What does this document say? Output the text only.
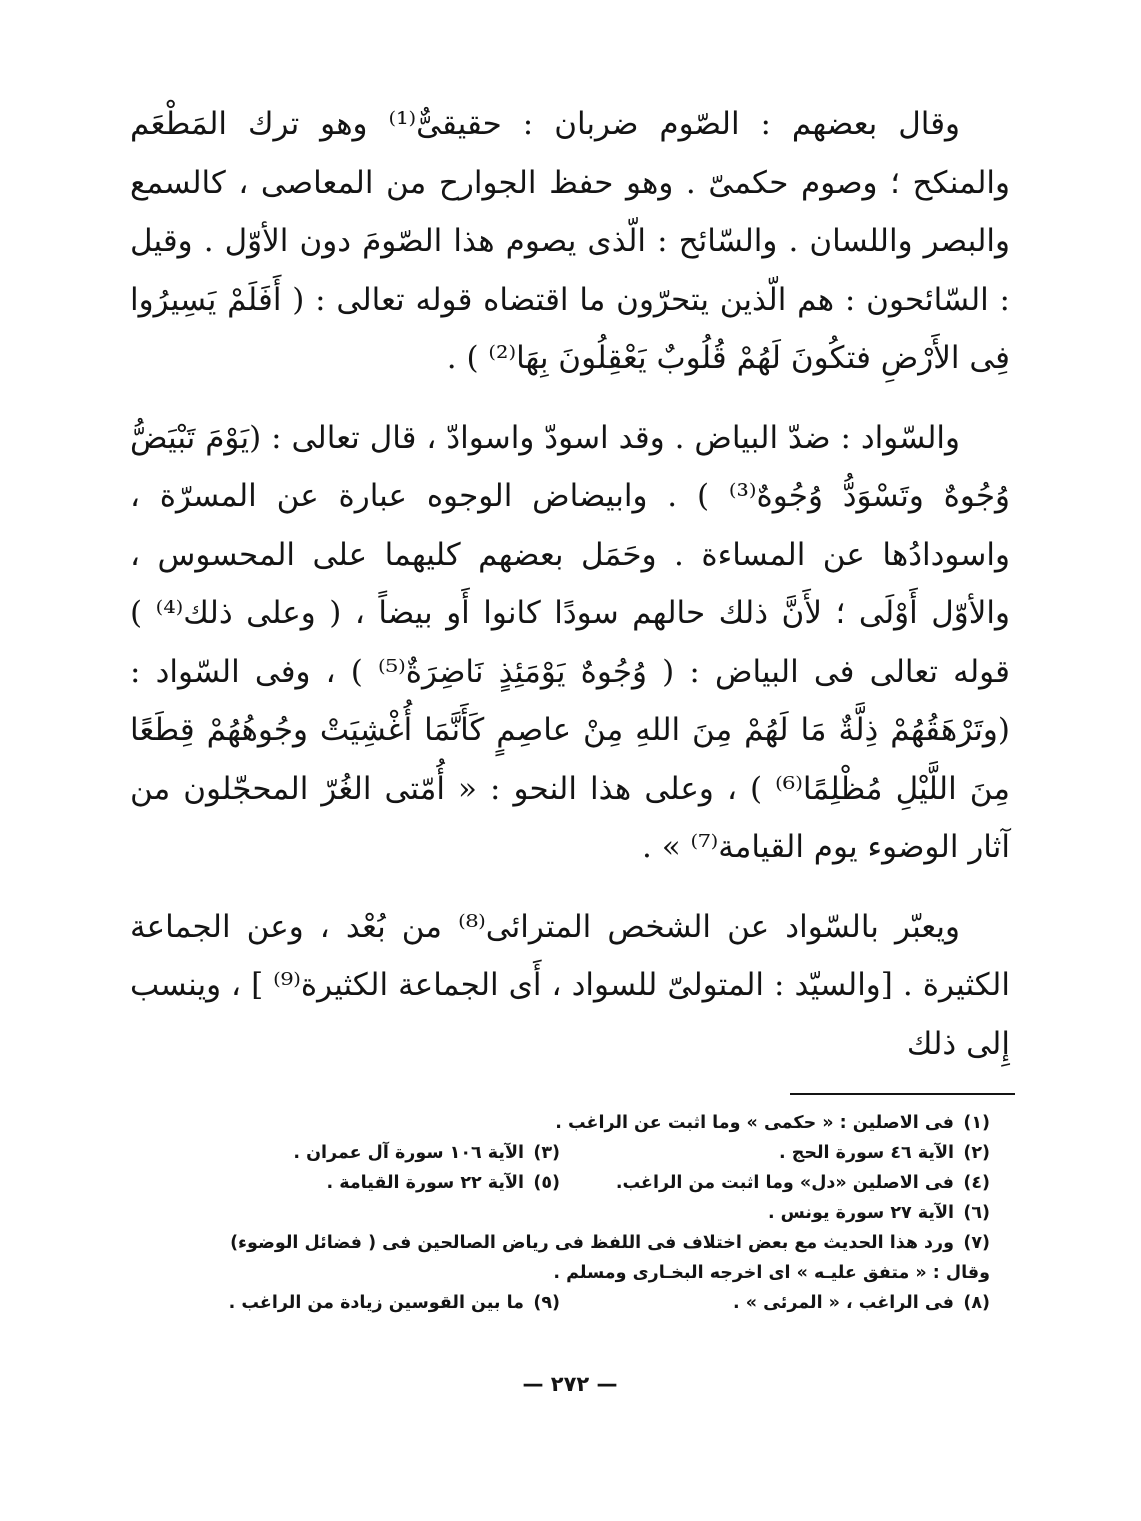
وقال بعضهم : الصّوم ضربان : حقيقىٌّ⁽¹⁾ وهو ترك المَطْعَم والمنكح ؛ وصوم حكمىّ . وهو حفظ الجوارح من المعاصى ، كالسمع والبصر واللسان . والسّائح : الّذى يصوم هذا الصّومَ دون الأوّل . وقيل : السّائحون : هم الّذين يتحرّون ما اقتضاه قوله تعالى : ( أَفَلَمْ يَسِيرُوا فِى الأَرْضِ فتكُونَ لَهُمْ قُلُوبٌ يَعْقِلُونَ بِهَا⁽²⁾ ) .

والسّواد : ضدّ البياض . وقد اسودّ واسوادّ ، قال تعالى : (يَوْمَ تَبْيَضُّ وُجُوهٌ وتَسْوَدُّ وُجُوهٌ⁽³⁾ ) . وابيضاض الوجوه عبارة عن المسرّة ، واسودادُها عن المساءة . وحَمَل بعضهم كليهما على المحسوس ، والأوّل أَوْلَى ؛ لأَنَّ ذلك حالهم سودًا كانوا أَو بيضاً ، ( وعلى ذلك⁽⁴⁾ ) قوله تعالى فى البياض : ( وُجُوهٌ يَوْمَئِذٍ نَاضِرَةٌ⁽⁵⁾ ) ، وفى السّواد : (وتَرْهَقُهُمْ ذِلَّةٌ مَا لَهُمْ مِنَ اللهِ مِنْ عاصِمٍ كَأَنَّمَا أُغْشِيَتْ وجُوهُهُمْ قِطَعًا مِنَ اللَّيْلِ مُظْلِمًا⁽⁶⁾ ) ، وعلى هذا النحو : « أُمّتى الغُرّ المحجّلون من آثار الوضوء يوم القيامة⁽⁷⁾ » .

ويعبّر بالسّواد عن الشخص المترائى⁽⁸⁾ من بُعْد ، وعن الجماعة الكثيرة . [والسيّد : المتولىّ للسواد ، أَى الجماعة الكثيرة⁽⁹⁾ ] ، وينسب إِلى ذلك

(١)
فى الاصلين : « حكمى » وما اثبت عن الراغب .
(٢)
الآية ٤٦ سورة الحج .
(٣)
الآية ١٠٦ سورة آل عمران .
(٤)
فى الاصلين «دل» وما اثبت من الراغب.
(٥)
الآية ٢٢ سورة القيامة .
(٦)
الآية ٢٧ سورة يونس .
(٧)
ورد هذا الحديث مع بعض اختلاف فى اللفظ فى رياض الصالحين فى ( فضائل الوضوء)
وقال : « متفق عليـه » اى اخرجه البخـارى ومسلم .
(٨)
فى الراغب ، « المرئى » .
(٩)
ما بين القوسين زيادة من الراغب .
— ٢٧٢ —
